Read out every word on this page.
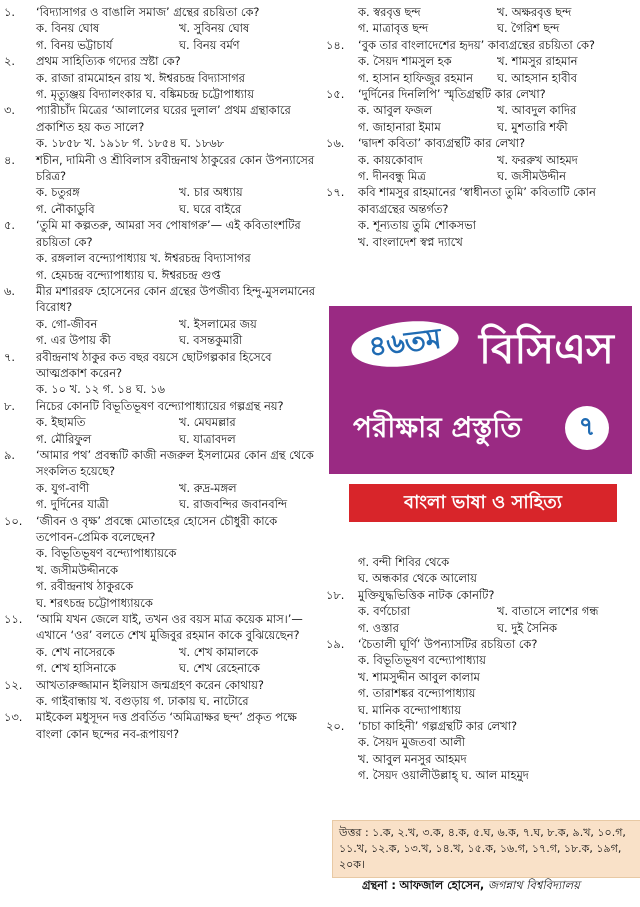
১.	‘বিদ্যাসাগর ও বাঙালি সমাজ’ গ্রন্থের রচয়িতা কে?
ক. বিনয় ঘোষ	খ. সুবিনয় ঘোষ
গ. বিনয় ভট্টাচার্য	ঘ. বিনয় বর্মণ
২.	প্রথম সাহিত্যিক গদ্যের স্রষ্টা কে?
ক. রাজা রামমোহন রায় খ. ঈশ্বরচন্দ্র বিদ্যাসাগর
গ. মৃত্যুঞ্জয় বিদ্যালংকার ঘ. বঙ্কিমচন্দ্র চট্টোপাধ্যায়
৩.	প্যারীচাঁদ মিত্রের ‘আলালের ঘরের দুলাল’ প্রথম গ্রন্থাকারে প্রকাশিত হয় কত সালে?
ক. ১৮৫৮ খ. ১৯১৮ গ. ১৮৫৪ ঘ. ১৮৬৮
৪.	শচীন, দামিনী ও শ্রীবিলাস রবীন্দ্রনাথ ঠাকুরের কোন উপন্যাসের চরিত্র?
ক. চতুরঙ্গ	খ. চার অধ্যায়
গ. নৌকাডুবি	ঘ. ঘরে বাইরে
৫.	‘তুমি মা কল্পতরু, আমরা সব পোষাগরু’— এই কবিতাংশটির রচয়িতা কে?
ক. রঙ্গলাল বন্দ্যোপাধ্যায় খ. ঈশ্বরচন্দ্র বিদ্যাসাগর
গ. হেমচন্দ্র বন্দ্যোপাধ্যায় ঘ. ঈশ্বরচন্দ্র গুপ্ত
৬.	মীর মশাররফ হোসেনের কোন গ্রন্থের উপজীব্য হিন্দু-মুসলমানের বিরোধ?
ক. গো-জীবন	খ. ইসলামের জয়
গ. এর উপায় কী	ঘ. বসন্তকুমারী
৭.	রবীন্দ্রনাথ ঠাকুর কত বছর বয়সে ছোটগল্পকার হিসেবে আত্মপ্রকাশ করেন?
ক. ১০ খ. ১২ গ. ১৪ ঘ. ১৬
৮.	নিচের কোনটি বিভূতিভূষণ বন্দ্যোপাধ্যায়ের গল্পগ্রন্থ নয়?
ক. ইছামতি	খ. মেঘমল্লার
গ. মৌরিফুল	ঘ. যাত্রাবদল
৯.	‘আমার পথ’ প্রবন্ধটি কাজী নজরুল ইসলামের কোন গ্রন্থ থেকে সংকলিত হয়েছে?
ক. যুগ-বাণী	খ. রুদ্র-মঙ্গল
গ. দুর্দিনের যাত্রী	ঘ. রাজবন্দির জবানবন্দি
১০.	‘জীবন ও বৃক্ষ’ প্রবন্ধে মোতাহের হোসেন চৌধুরী কাকে তপোবন-প্রেমিক বলেছেন?
ক. বিভূতিভূষণ বন্দ্যোপাধ্যায়কে
খ. জসীমউদ্দীনকে
গ. রবীন্দ্রনাথ ঠাকুরকে
ঘ. শরৎচন্দ্র চট্টোপাধ্যায়কে
১১.	‘আমি যখন জেলে যাই, তখন ওর বয়স মাত্র কয়েক মাস।’— এখানে ‘ওর’ বলতে শেখ মুজিবুর রহমান কাকে বুঝিয়েছেন?
ক. শেখ নাসেরকে	খ. শেখ কামালকে
গ. শেখ হাসিনাকে	ঘ. শেখ রেহেনাকে
১২.	আখতারুজ্জামান ইলিয়াস জন্মগ্রহণ করেন কোথায়?
ক. গাইবান্ধায় খ. বগুড়ায় গ. ঢাকায় ঘ. নাটোরে
১৩.	মাইকেল মধুসূদন দত্ত প্রবর্তিত ‘অমিত্রাক্ষর ছন্দ’ প্রকৃত পক্ষে বাংলা কোন ছন্দের নব-রূপায়ণ?
ক. স্বরবৃত্ত ছন্দ	খ. অক্ষরবৃত্ত ছন্দ
গ. মাত্রাবৃত্ত ছন্দ	ঘ. গৈরিশ ছন্দ
১৪.	‘বুক তার বাংলাদেশের হৃদয়’ কাব্যগ্রন্থের রচয়িতা কে?
ক. সৈয়দ শামসুল হক	খ. শামসুর রাহমান
গ. হাসান হাফিজুর রহমান	ঘ. আহসান হাবীব
১৫.	‘দুর্দিনের দিনলিপি’ স্মৃতিগ্রন্থটি কার লেখা?
ক. আবুল ফজল	খ. আবদুল কাদির
গ. জাহানারা ইমাম	ঘ. মুশতারি শফী
১৬.	‘দ্বাদশ কবিতা’ কাব্যগ্রন্থটি কার লেখা?
ক. কায়কোবাদ	খ. ফররুখ আহমদ
গ. দীনবন্ধু মিত্র	ঘ. জসীমউদ্দীন
১৭.	কবি শামসুর রাহমানের ‘স্বাধীনতা তুমি’ কবিতাটি কোন কাব্যগ্রন্থের অন্তর্গত?
ক. শূন্যতায় তুমি শোকসভা
খ. বাংলাদেশ স্বপ্ন দ্যাখে
৪৬তম বিসিএস
পরীক্ষার প্রস্তুতি	৭
বাংলা ভাষা ও সাহিত্য
গ. বন্দী শিবির থেকে
ঘ. অন্ধকার থেকে আলোয়
১৮.	মুক্তিযুদ্ধভিত্তিক নাটক কোনটি?
ক. বর্ণচোরা	খ. বাতাসে লাশের গন্ধ
গ. ওস্তার	ঘ. দুই সৈনিক
১৯.	‘চৈতালী ঘূর্ণি’ উপন্যাসটির রচয়িতা কে?
ক. বিভূতিভূষণ বন্দ্যোপাধ্যায়
খ. শামসুদ্দীন আবুল কালাম
গ. তারাশঙ্কর বন্দ্যোপাধ্যায়
ঘ. মানিক বন্দ্যোপাধ্যায়
২০.	‘চাচা কাহিনী’ গল্পগ্রন্থটি কার লেখা?
ক. সৈয়দ মুজতবা আলী
খ. আবুল মনসুর আহমদ
গ. সৈয়দ ওয়ালীউল্লাহ্‌ ঘ. আল মাহমুদ
উত্তর : ১.ক, ২.খ, ৩.ক, ৪.ক, ৫.ঘ, ৬.ক, ৭.ঘ, ৮.ক, ৯.খ, ১০.গ, ১১.খ, ১২.ক, ১৩.খ, ১৪.খ, ১৫.ক, ১৬.গ, ১৭.গ, ১৮.ক, ১৯গ, ২০ক।
গ্রন্থনা : আফজাল হোসেন, জগন্নাথ বিশ্ববিদ্যালয়
